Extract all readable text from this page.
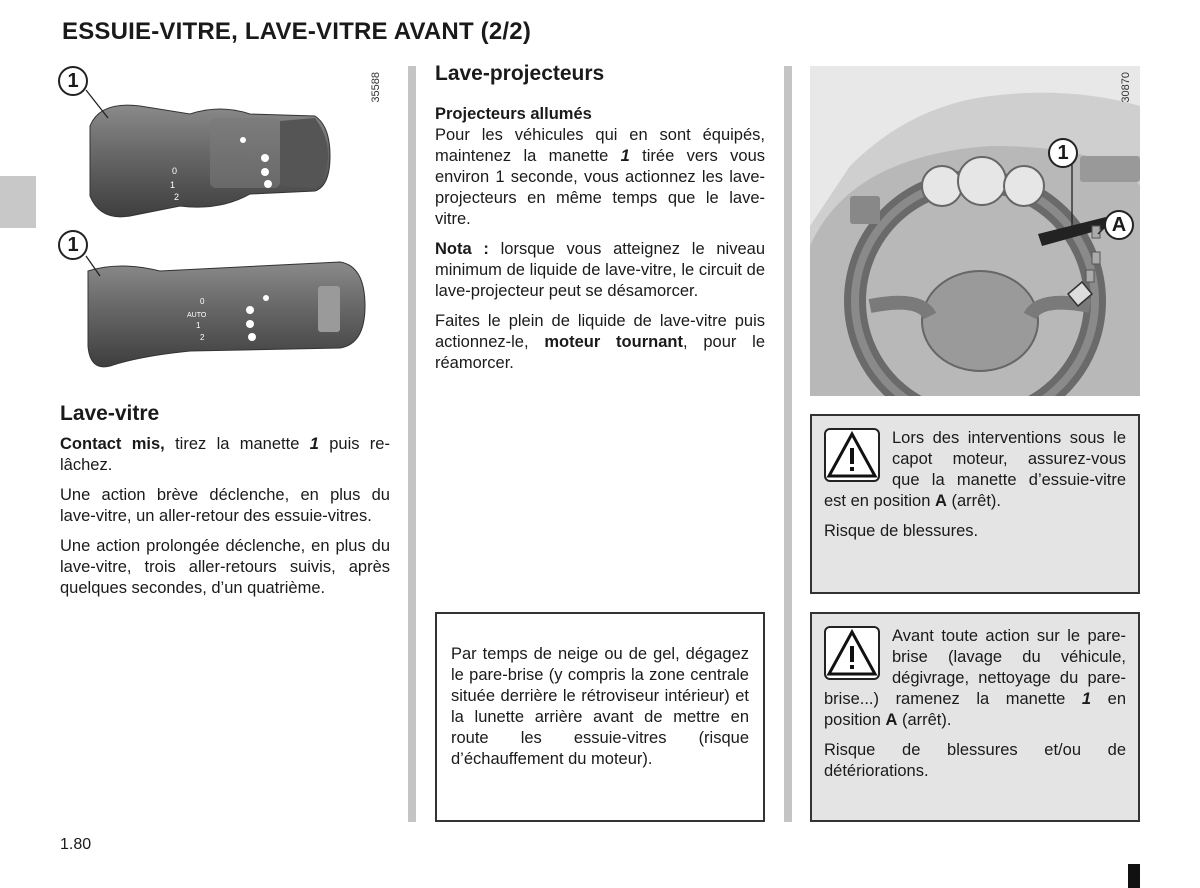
ESSUIE-VITRE, LAVE-VITRE AVANT (2/2)
0
1
2
0
AUTO
1
2
1
1
35588
Lave-vitre

Contact mis, tirez la manette 1 puis re-lâchez.

Une action brève déclenche, en plus du lave-vitre, un aller-retour des essuie-vitres.

Une action prolongée déclenche, en plus du lave-vitre, trois aller-retours suivis, après quelques secondes, d’un quatrième.

Lave-projecteurs

Projecteurs allumés

Pour les véhicules qui en sont équipés, maintenez la manette 1 tirée vers vous environ 1 seconde, vous actionnez les lave-projecteurs en même temps que le lave-vitre.

Nota : lorsque vous atteignez le niveau minimum de liquide de lave-vitre, le circuit de lave-projecteur peut se désamorcer.

Faites le plein de liquide de lave-vitre puis actionnez-le, moteur tournant, pour le réamorcer.

Par temps de neige ou de gel, dégagez le pare-brise (y compris la zone centrale située derrière le rétroviseur intérieur) et la lunette arrière avant de mettre en route les essuie-vitres (risque d’échauffement du moteur).

1
A
30870

Lors des interventions sous le capot moteur, assurez-vous que la manette d’essuie-vitre est en position A (arrêt).

Risque de blessures.

Avant toute action sur le pare-brise (lavage du véhicule, dégivrage, nettoyage du pare-brise...) ramenez la manette 1 en position A (arrêt).

Risque de blessures et/ou de détériorations.

1.80
